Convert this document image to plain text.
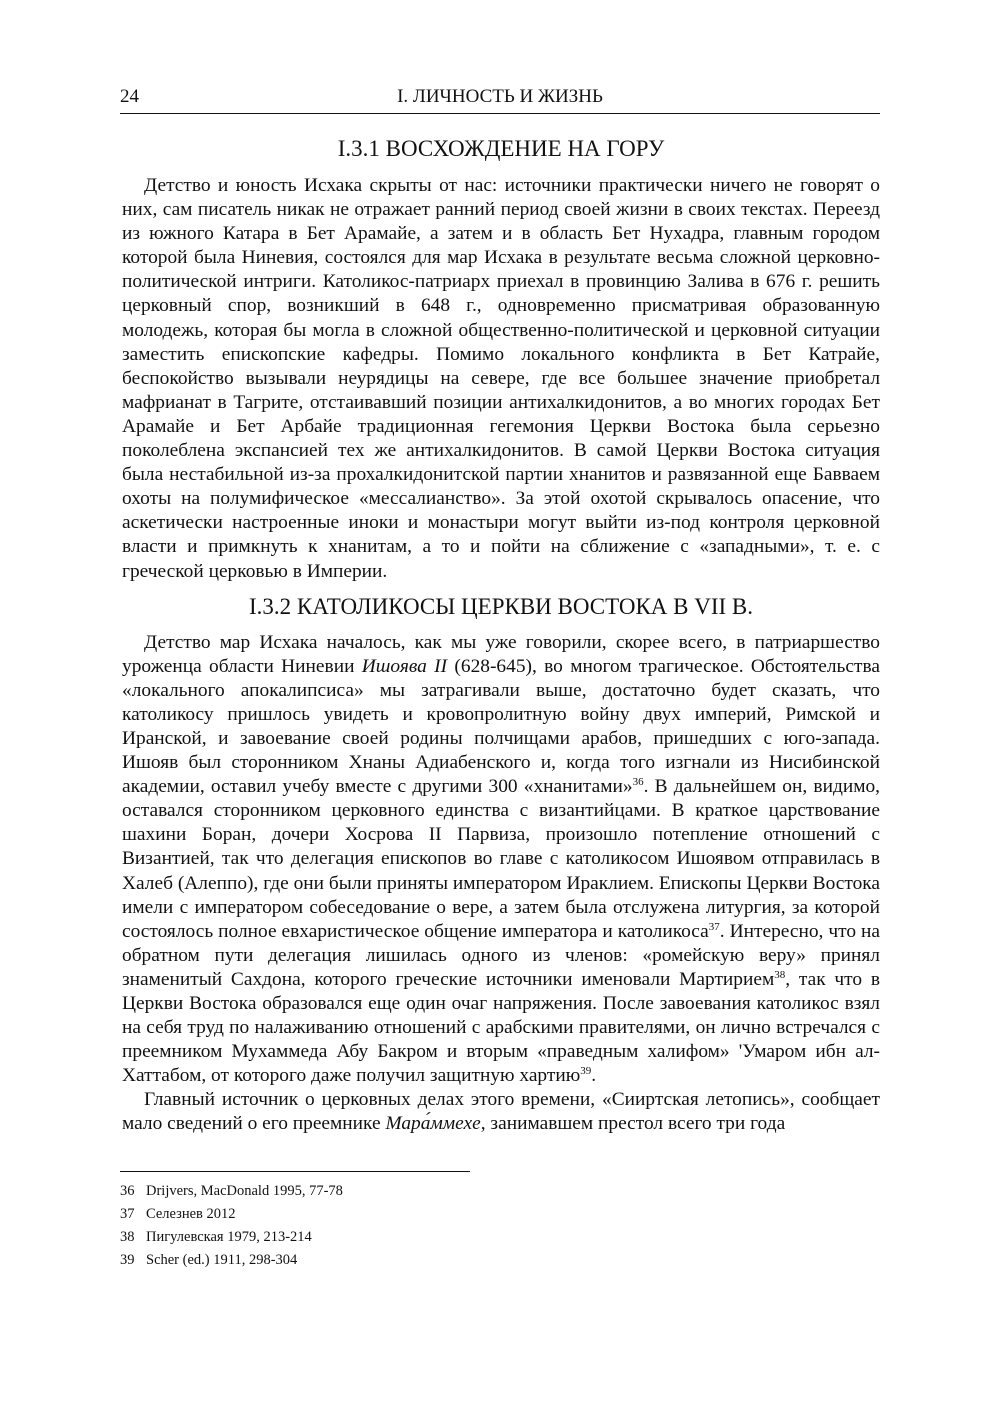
24	I. ЛИЧНОСТЬ И ЖИЗНЬ
I.3.1 ВОСХОЖДЕНИЕ НА ГОРУ

Детство и юность Исхака скрыты от нас: источники практически ничего не говорят о них, сам писатель никак не отражает ранний период своей жизни в своих текстах. Переезд из южного Катара в Бет Арамайе, а затем и в область Бет Нухадра, главным городом которой была Ниневия, состоялся для мар Исхака в результате весьма сложной церковно-политической интриги. Католикос-патриарх приехал в провинцию Залива в 676 г. решить церковный спор, возникший в 648 г., одновременно присматривая образованную молодежь, которая бы могла в сложной общественно-политической и церковной ситуации заместить епископские кафедры. Помимо локального конфликта в Бет Катрайе, беспокойство вызывали неурядицы на севере, где все большее значение приобретал мафрианат в Тагрите, отстаивавший позиции антихалкидонитов, а во многих городах Бет Арамайе и Бет Арбайе традиционная гегемония Церкви Востока была серьезно поколеблена экспансией тех же антихалкидонитов. В самой Церкви Востока ситуация была нестабильной из-за прохалкидонитской партии хнанитов и развязанной еще Бавваем охоты на полумифическое «мессалианство». За этой охотой скрывалось опасение, что аскетически настроенные иноки и монастыри могут выйти из-под контроля церковной власти и примкнуть к хнанитам, а то и пойти на сближение с «западными», т. е. с греческой церковью в Империи.

I.3.2 КАТОЛИКОСЫ ЦЕРКВИ ВОСТОКА В VII В.

Детство мар Исхака началось, как мы уже говорили, скорее всего, в патриаршество уроженца области Ниневии Ишоява II (628-645), во многом трагическое. Обстоятельства «локального апокалипсиса» мы затрагивали выше, достаточно будет сказать, что католикосу пришлось увидеть и кровопролитную войну двух империй, Римской и Иранской, и завоевание своей родины полчищами арабов, пришедших с юго-запада. Ишояв был сторонником Хнаны Адиабенского и, когда того изгнали из Нисибинской академии, оставил учебу вместе с другими 300 «хнанитами»$^{36}$. В дальнейшем он, видимо, оставался сторонником церковного единства с византийцами. В краткое царствование шахини Боран, дочери Хосрова II Парвиза, произошло потепление отношений с Византией, так что делегация епископов во главе с католикосом Ишоявом отправилась в Халеб (Алеппо), где они были приняты императором Ираклием. Епископы Церкви Востока имели с императором собеседование о вере, а затем была отслужена литургия, за которой состоялось полное евхаристическое общение императора и католикоса$^{37}$. Интересно, что на обратном пути делегация лишилась одного из членов: «ромейскую веру» принял знаменитый Сахдона, которого греческие источники именовали Мартирием$^{38}$, так что в Церкви Востока образовался еще один очаг напряжения. После завоевания католикос взял на себя труд по налаживанию отношений с арабскими правителями, он лично встречался с преемником Мухаммеда Абу Бакром и вторым «праведным халифом» 'Умаром ибн ал-Хаттабом, от которого даже получил защитную хартию$^{39}$.

Главный источник о церковных делах этого времени, «Сииртская летопись», сообщает мало сведений о его преемнике Мара́ммехе, занимавшем престол всего три года

36 Drijvers, MacDonald 1995, 77-78
37 Селезнев 2012
38 Пигулевская 1979, 213-214
39 Scher (ed.) 1911, 298-304
